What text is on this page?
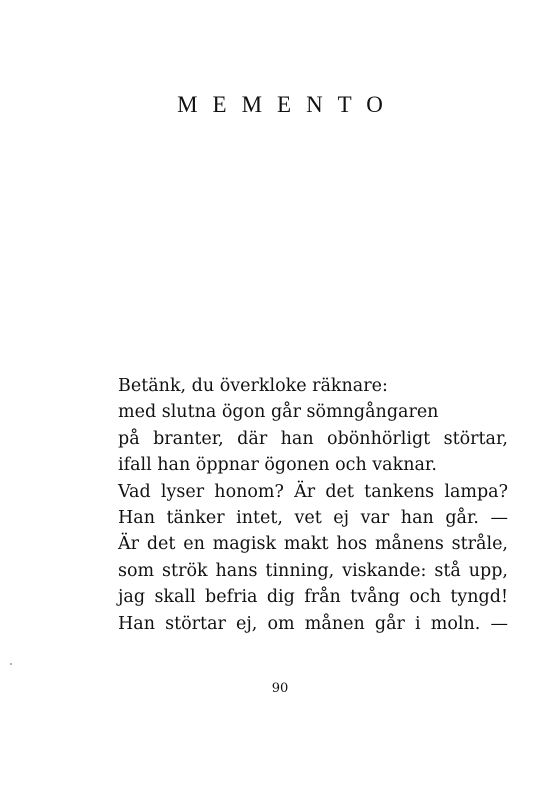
MEMENTO
Betänk, du överkloke räknare:
med slutna ögon går sömngångaren
på branter, där han obönhörligt störtar,
ifall han öppnar ögonen och vaknar.
Vad lyser honom? Är det tankens lampa?
Han tänker intet, vet ej var han går. —
Är det en magisk makt hos månens stråle,
som strök hans tinning, viskande: stå upp,
jag skall befria dig från tvång och tyngd!
Han störtar ej, om månen går i moln. —
90
